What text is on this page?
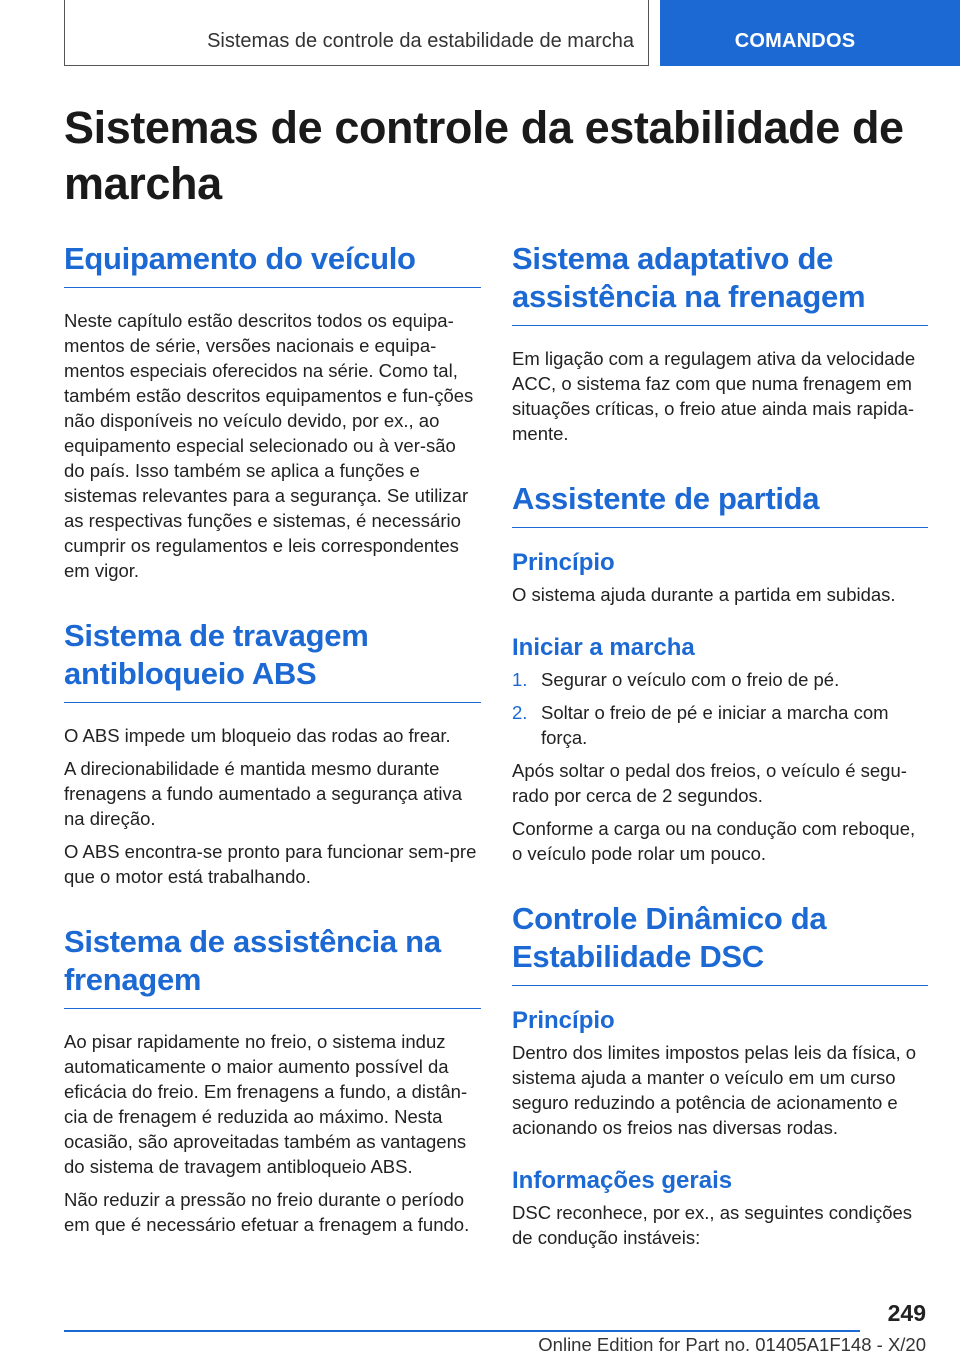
Sistemas de controle da estabilidade de marcha	COMANDOS
Sistemas de controle da estabilidade de marcha
Equipamento do veículo

Neste capítulo estão descritos todos os equipa‐mentos de série, versões nacionais e equipa‐mentos especiais oferecidos na série. Como tal, também estão descritos equipamentos e fun‐ções não disponíveis no veículo devido, por ex., ao equipamento especial selecionado ou à ver‐são do país. Isso também se aplica a funções e sistemas relevantes para a segurança. Se utilizar as respectivas funções e sistemas, é necessário cumprir os regulamentos e leis correspondentes em vigor.

Sistema de travagem antibloqueio ABS

O ABS impede um bloqueio das rodas ao frear.

A direcionabilidade é mantida mesmo durante frenagens a fundo aumentado a segurança ativa na direção.

O ABS encontra-se pronto para funcionar sem‐pre que o motor está trabalhando.

Sistema de assistência na frenagem

Ao pisar rapidamente no freio, o sistema induz automaticamente o maior aumento possível da eficácia do freio. Em frenagens a fundo, a distân‐cia de frenagem é reduzida ao máximo. Nesta ocasião, são aproveitadas também as vantagens do sistema de travagem antibloqueio ABS.

Não reduzir a pressão no freio durante o período em que é necessário efetuar a frenagem a fundo.

Sistema adaptativo de assistência na frenagem

Em ligação com a regulagem ativa da velocidade ACC, o sistema faz com que numa frenagem em situações críticas, o freio atue ainda mais rapida‐mente.

Assistente de partida
Princípio

O sistema ajuda durante a partida em subidas.

Iniciar a marcha
1. Segurar o veículo com o freio de pé.
2. Soltar o freio de pé e iniciar a marcha com força.

Após soltar o pedal dos freios, o veículo é segu‐rado por cerca de 2 segundos.

Conforme a carga ou na condução com reboque, o veículo pode rolar um pouco.

Controle Dinâmico da Estabilidade DSC
Princípio

Dentro dos limites impostos pelas leis da física, o sistema ajuda a manter o veículo em um curso seguro reduzindo a potência de acionamento e acionando os freios nas diversas rodas.

Informações gerais

DSC reconhece, por ex., as seguintes condições de condução instáveis:

249
Online Edition for Part no. 01405A1F148 - X/20
